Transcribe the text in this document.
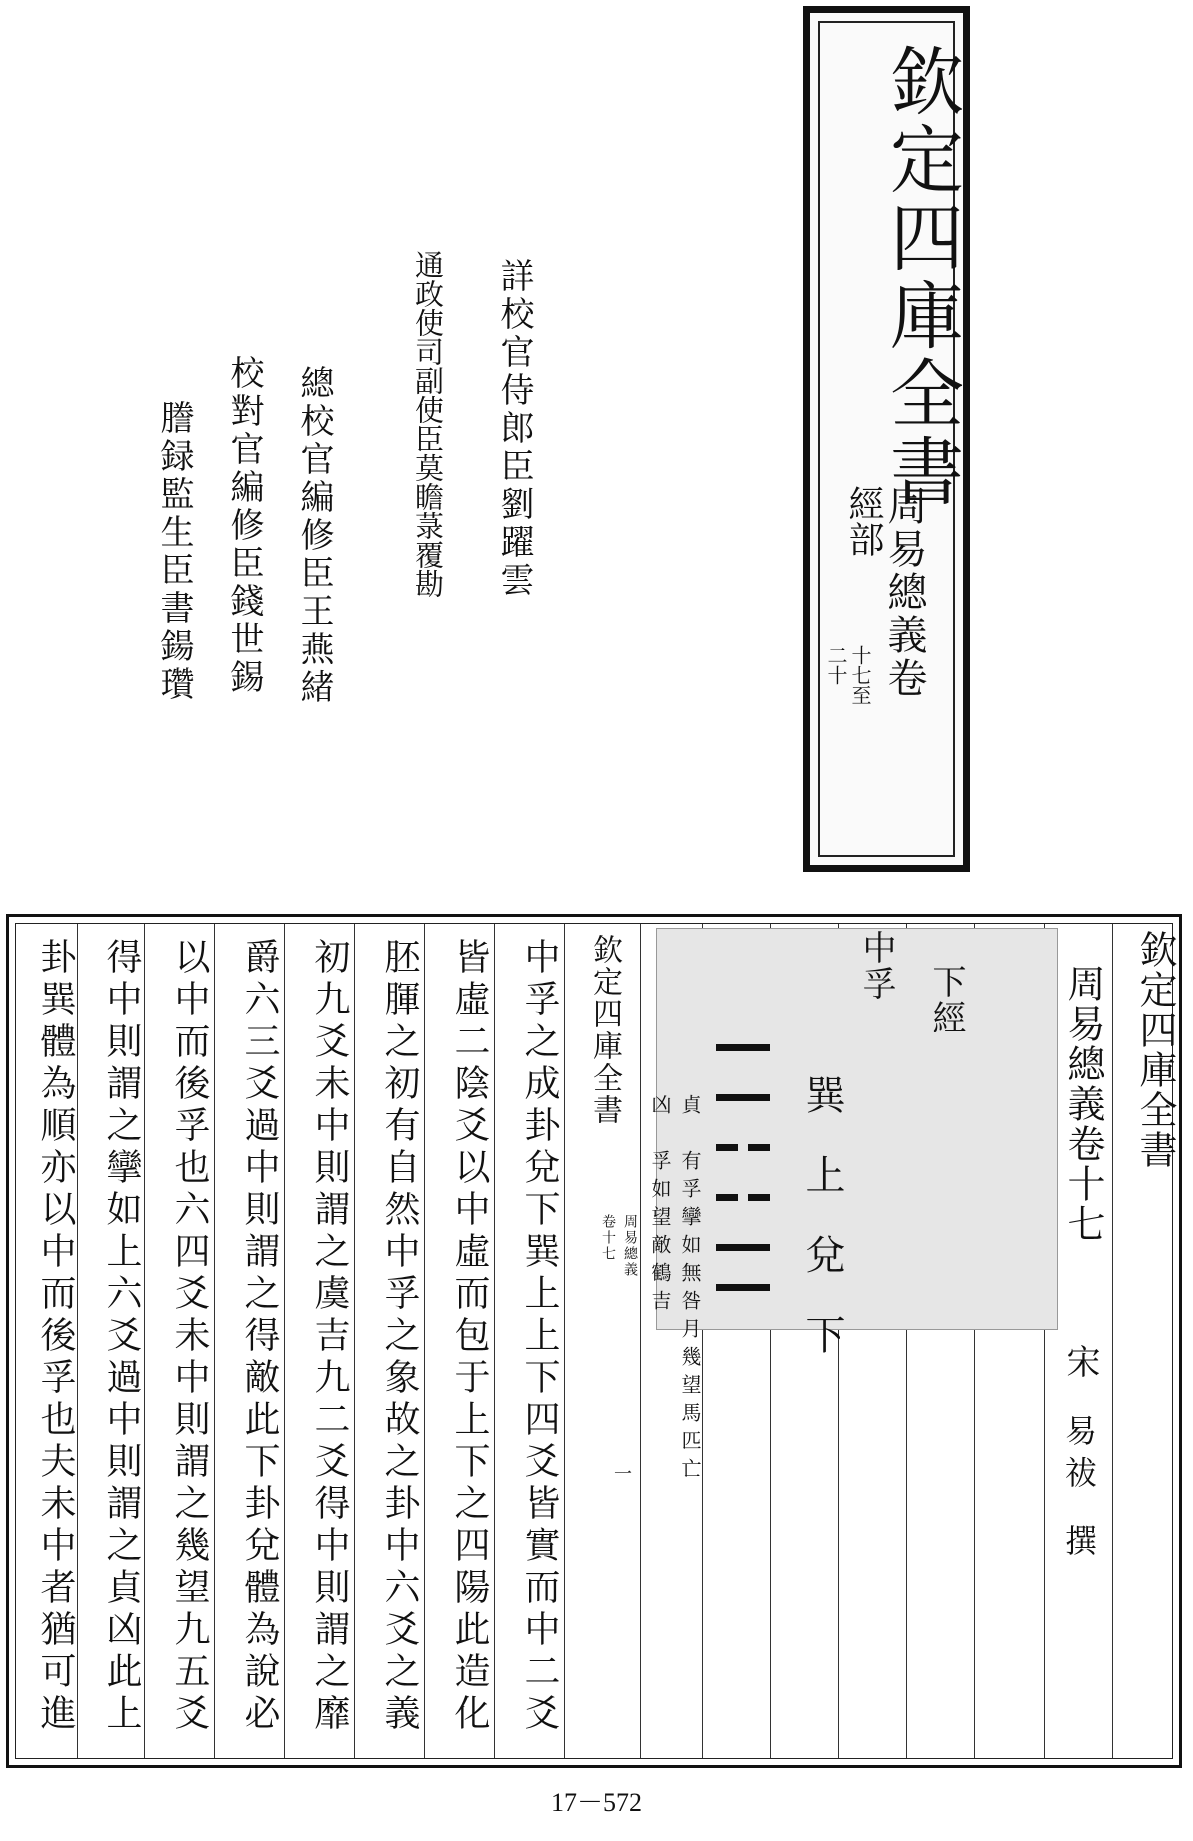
欽定四庫全書
經部
周易總義卷
十七至
二十
詳校官侍郎臣劉躍雲
通政使司副使臣莫瞻菉覆勘
總校官編修臣王燕緒
校對官編修臣錢世錫
謄録監生臣書鍚瓚
欽定四庫全書
周易總義卷十七
下經
中孚
巽上兌下	宋
易祓
撰
貞　有孚攣如無咎月幾望馬匹亡
凶　孚如望敵鶴吉
欽定四庫全書
周易總義
卷十七
一
中孚之成卦兌下巽上上下四爻皆實而中二爻
皆虛二陰爻以中虛而包于上下之四陽此造化
胚腪之初有自然中孚之象故之卦中六爻之義
初九爻未中則謂之虞吉九二爻得中則謂之靡
爵六三爻過中則謂之得敵此下卦兌體為說必
以中而後孚也六四爻未中則謂之幾望九五爻
得中則謂之攣如上六爻過中則謂之貞凶此上
卦巽體為順亦以中而後孚也夫未中者猶可進
17－572
